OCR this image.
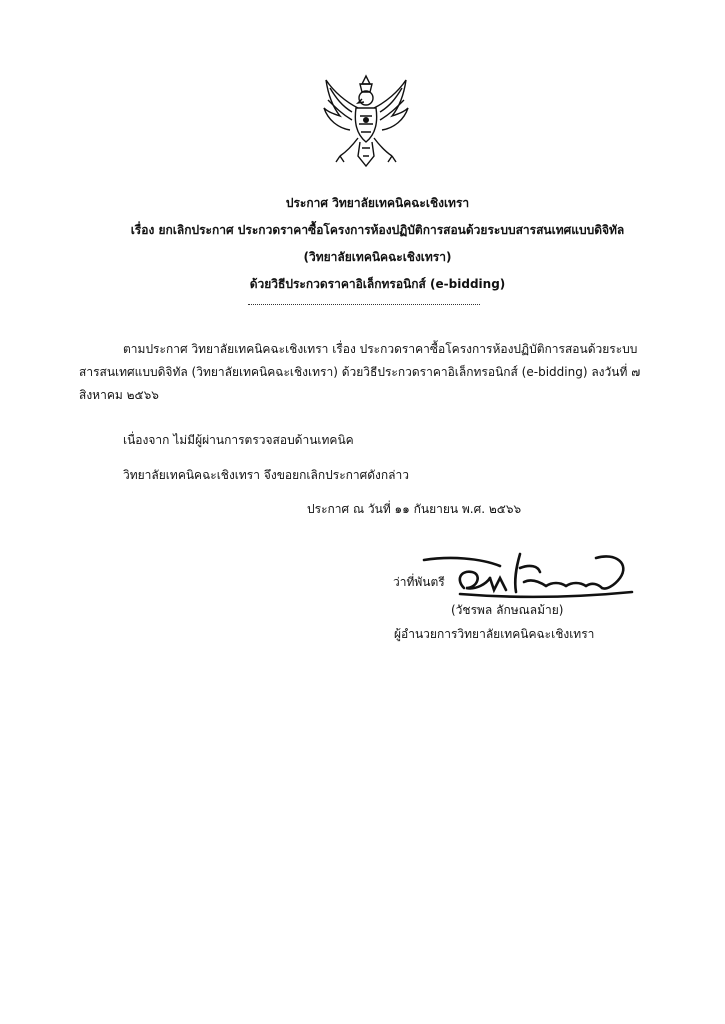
ประกาศ วิทยาลัยเทคนิคฉะเชิงเทรา
เรื่อง ยกเลิกประกาศ ประกวดราคาซื้อโครงการห้องปฏิบัติการสอนด้วยระบบสารสนเทศแบบดิจิทัล
(วิทยาลัยเทคนิคฉะเชิงเทรา)
ด้วยวิธีประกวดราคาอิเล็กทรอนิกส์ (e-bidding)
ตามประกาศ วิทยาลัยเทคนิคฉะเชิงเทรา เรื่อง ประกวดราคาซื้อโครงการห้องปฏิบัติการสอนด้วยระบบ
สารสนเทศแบบดิจิทัล (วิทยาลัยเทคนิคฉะเชิงเทรา) ด้วยวิธีประกวดราคาอิเล็กทรอนิกส์ (e-bidding) ลงวันที่ ๗
สิงหาคม ๒๕๖๖
เนื่องจาก ไม่มีผู้ผ่านการตรวจสอบด้านเทคนิค
วิทยาลัยเทคนิคฉะเชิงเทรา จึงขอยกเลิกประกาศดังกล่าว
ประกาศ ณ วันที่ ๑๑ กันยายน พ.ศ. ๒๕๖๖
ว่าที่พันตรี
(วัชรพล ลักษณลม้าย)
ผู้อำนวยการวิทยาลัยเทคนิคฉะเชิงเทรา
